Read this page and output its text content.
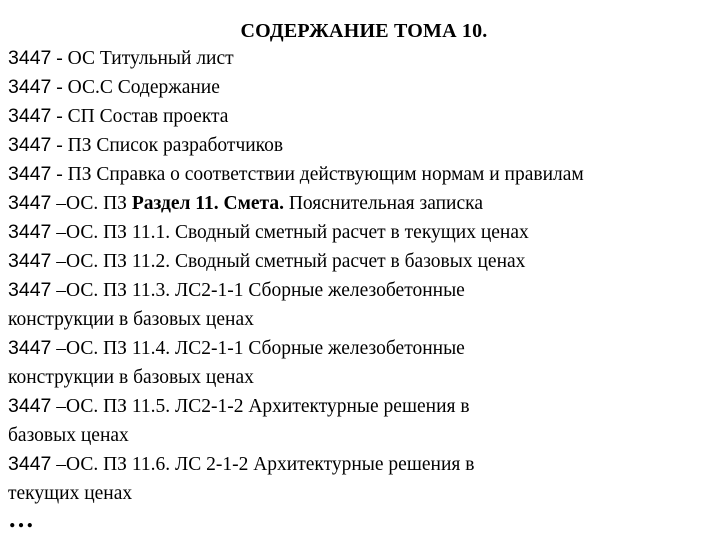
СОДЕРЖАНИЕ ТОМА 10.
3447 - ОС Титульный лист
3447 - ОС.С Содержание
3447 - СП Состав проекта
3447 - ПЗ Список разработчиков
3447 - ПЗ Справка о соответствии действующим нормам и правилам
3447 –ОС. ПЗ Раздел 11. Смета. Пояснительная записка
3447 –ОС. ПЗ 11.1. Сводный сметный расчет в текущих ценах
3447 –ОС. ПЗ 11.2. Сводный сметный расчет в базовых ценах
3447 –ОС. ПЗ 11.3. ЛС2-1-1 Сборные железобетонные
конструкции в базовых ценах
3447 –ОС. ПЗ 11.4. ЛС2-1-1 Сборные железобетонные
конструкции в базовых ценах
3447 –ОС. ПЗ 11.5. ЛС2-1-2 Архитектурные решения в
базовых ценах
3447 –ОС. ПЗ 11.6. ЛС 2-1-2 Архитектурные решения в
текущих ценах
…
